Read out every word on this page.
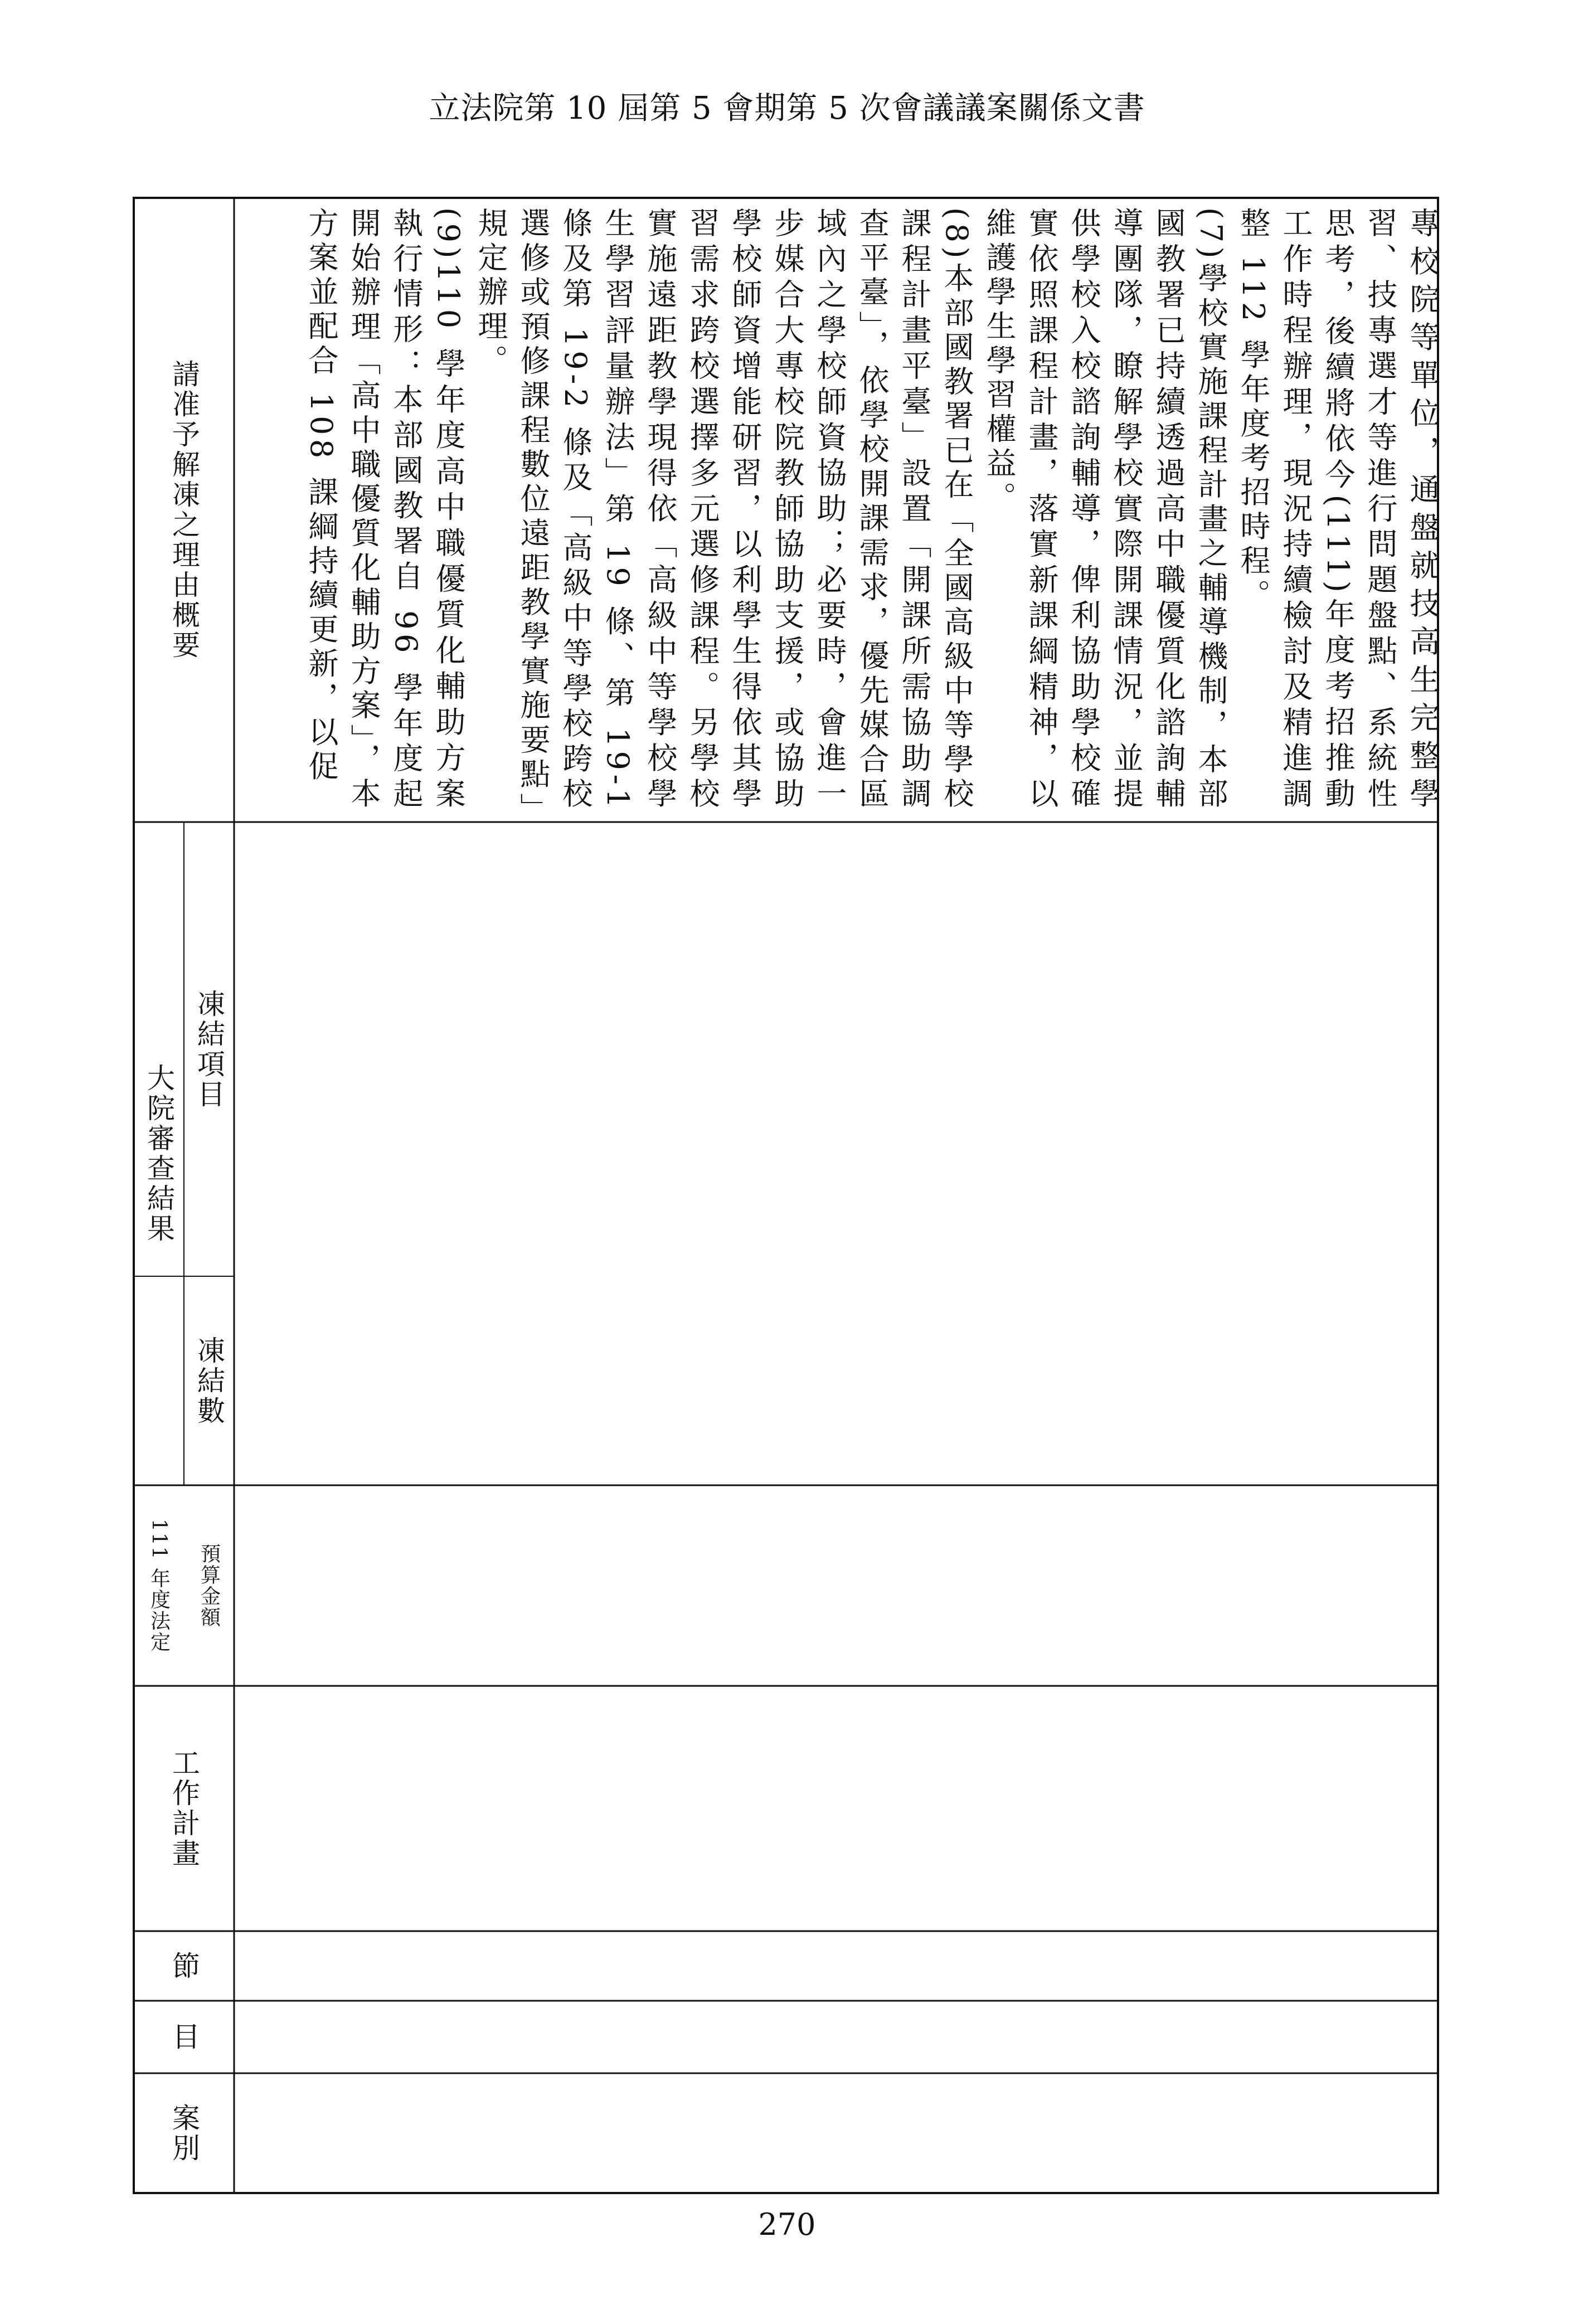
立法院第 10 屆第 5 會期第 5 次會議議案關係文書
請准予解凍之理由概要
大院審查結果
凍結項目
凍結數
111 年度法定	預算金額
工作計畫
節
目
案別
專校院等單位，通盤就技高生完整學習、技專選才等進行問題盤點、系統性思考，後續將依今(111)年度考招推動工作時程辦理，現況持續檢討及精進調整 112 學年度考招時程。
(7)學校實施課程計畫之輔導機制，本部國教署已持續透過高中職優質化諮詢輔導團隊，瞭解學校實際開課情況，並提供學校入校諮詢輔導，俾利協助學校確實依照課程計畫，落實新課綱精神，以維護學生學習權益。
(8)本部國教署已在「全國高級中等學校課程計畫平臺」設置「開課所需協助調查平臺」，依學校開課需求，優先媒合區域內之學校師資協助；必要時，會進一步媒合大專校院教師協助支援，或協助學校師資增能研習，以利學生得依其學習需求跨校選擇多元選修課程。另學校實施遠距教學現得依「高級中等學校學生學習評量辦法」第 19 條、第 19-1 條及第 19-2 條及「高級中等學校跨校選修或預修課程數位遠距教學實施要點」規定辦理。
(9)110 學年度高中職優質化輔助方案執行情形：本部國教署自 96 學年度起開始辦理「高中職優質化輔助方案」，本方案並配合 108 課綱持續更新，以促
270
